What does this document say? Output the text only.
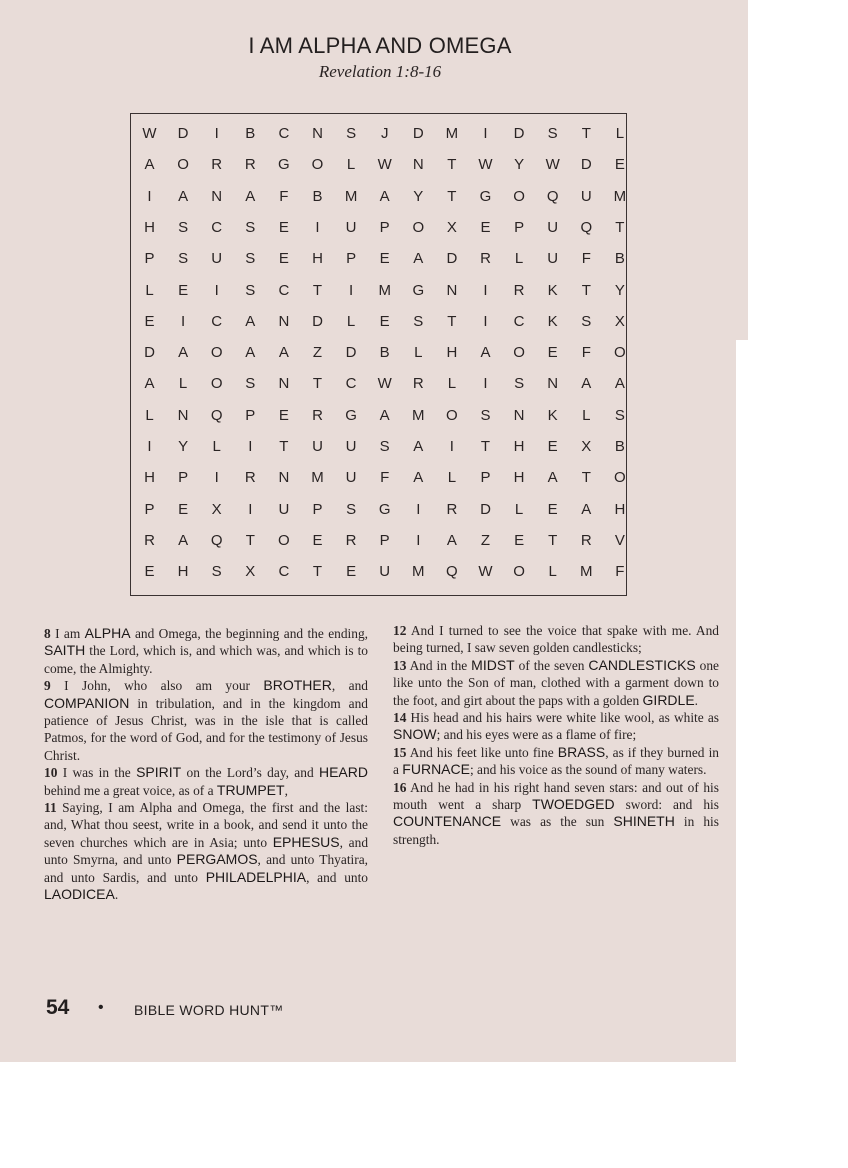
I AM ALPHA AND OMEGA
Revelation 1:8-16
W	D	I	B	C	N	S	J	D	M	I	D	S	T	L
A	O	R	R	G	O	L	W	N	T	W	Y	W	D	E
I	A	N	A	F	B	M	A	Y	T	G	O	Q	U	M
H	S	C	S	E	I	U	P	O	X	E	P	U	Q	T
P	S	U	S	E	H	P	E	A	D	R	L	U	F	B
L	E	I	S	C	T	I	M	G	N	I	R	K	T	Y
E	I	C	A	N	D	L	E	S	T	I	C	K	S	X
D	A	O	A	A	Z	D	B	L	H	A	O	E	F	O
A	L	O	S	N	T	C	W	R	L	I	S	N	A	A
L	N	Q	P	E	R	G	A	M	O	S	N	K	L	S
I	Y	L	I	T	U	U	S	A	I	T	H	E	X	B
H	P	I	R	N	M	U	F	A	L	P	H	A	T	O
P	E	X	I	U	P	S	G	I	R	D	L	E	A	H
R	A	Q	T	O	E	R	P	I	A	Z	E	T	R	V
E	H	S	X	C	T	E	U	M	Q	W	O	L	M	F

8 I am ALPHA and Omega, the beginning and the ending, SAITH the Lord, which is, and which was, and which is to come, the Almighty.

9 I John, who also am your BROTHER, and COMPANION in tribulation, and in the kingdom and patience of Jesus Christ, was in the isle that is called Patmos, for the word of God, and for the testimony of Jesus Christ.

10 I was in the SPIRIT on the Lord’s day, and HEARD behind me a great voice, as of a TRUMPET,

11 Saying, I am Alpha and Omega, the first and the last: and, What thou seest, write in a book, and send it unto the seven churches which are in Asia; unto EPHESUS, and unto Smyrna, and unto PERGAMOS, and unto Thyatira, and unto Sardis, and unto PHILADELPHIA, and unto LAODICEA.

12 And I turned to see the voice that spake with me. And being turned, I saw seven golden candlesticks;

13 And in the MIDST of the seven CANDLESTICKS one like unto the Son of man, clothed with a garment down to the foot, and girt about the paps with a golden GIRDLE.

14 His head and his hairs were white like wool, as white as SNOW; and his eyes were as a flame of fire;

15 And his feet like unto fine BRASS, as if they burned in a FURNACE; and his voice as the sound of many waters.

16 And he had in his right hand seven stars: and out of his mouth went a sharp TWOEDGED sword: and his COUNTENANCE was as the sun SHINETH in his strength.

54 • BIBLE WORD HUNT™
